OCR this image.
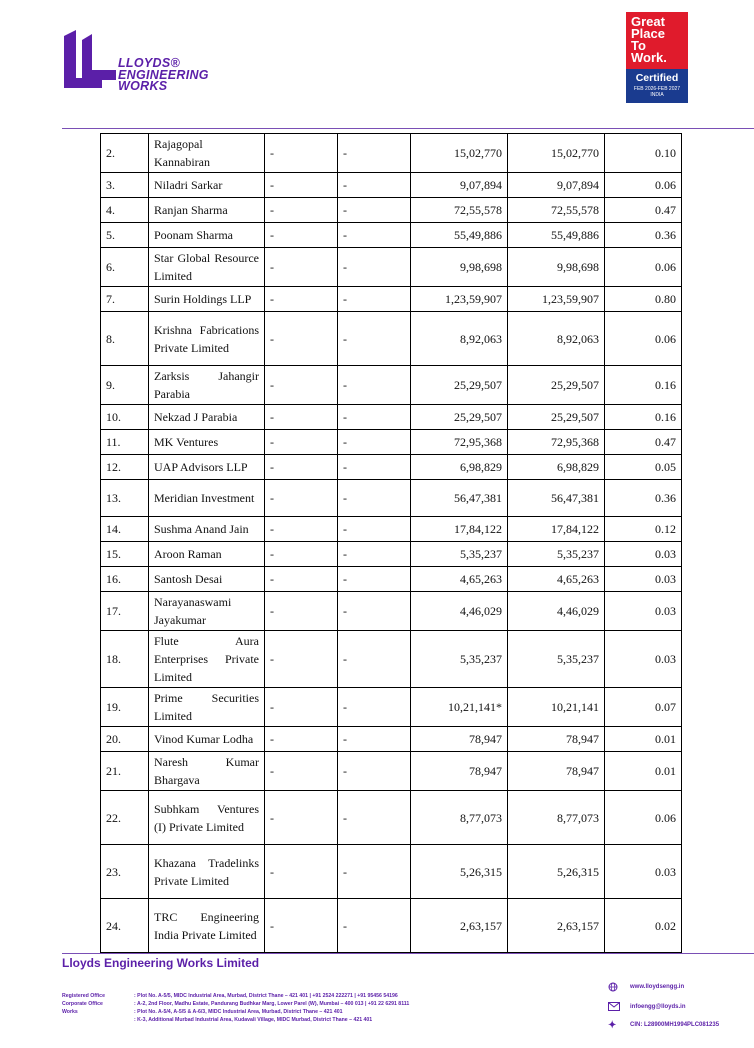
LLOYDS®
ENGINEERING
WORKS
Great
Place
To
Work.
Certified
FEB 2026-FEB 2027
INDIA
2.	Rajagopal Kannabiran	-	-	15,02,770	15,02,770	0.10
3.	Niladri Sarkar	-	-	9,07,894	9,07,894	0.06
4.	Ranjan Sharma	-	-	72,55,578	72,55,578	0.47
5.	Poonam Sharma	-	-	55,49,886	55,49,886	0.36
6.	Star Global Resource Limited	-	-	9,98,698	9,98,698	0.06
7.	Surin Holdings LLP	-	-	1,23,59,907	1,23,59,907	0.80
8.	Krishna Fabrications Private Limited	-	-	8,92,063	8,92,063	0.06
9.	Zarksis Jahangir Parabia	-	-	25,29,507	25,29,507	0.16
10.	Nekzad J Parabia	-	-	25,29,507	25,29,507	0.16
11.	MK Ventures	-	-	72,95,368	72,95,368	0.47
12.	UAP Advisors LLP	-	-	6,98,829	6,98,829	0.05
13.	Meridian Investment	-	-	56,47,381	56,47,381	0.36
14.	Sushma Anand Jain	-	-	17,84,122	17,84,122	0.12
15.	Aroon Raman	-	-	5,35,237	5,35,237	0.03
16.	Santosh Desai	-	-	4,65,263	4,65,263	0.03
17.	Narayanaswami Jayakumar	-	-	4,46,029	4,46,029	0.03
18.	Flute Aura Enterprises Private Limited	-	-	5,35,237	5,35,237	0.03
19.	Prime Securities Limited	-	-	10,21,141*	10,21,141	0.07
20.	Vinod Kumar Lodha	-	-	78,947	78,947	0.01
21.	Naresh Kumar Bhargava	-	-	78,947	78,947	0.01
22.	Subhkam Ventures (I) Private Limited	-	-	8,77,073	8,77,073	0.06
23.	Khazana Tradelinks Private Limited	-	-	5,26,315	5,26,315	0.03
24.	TRC Engineering India Private Limited	-	-	2,63,157	2,63,157	0.02
Lloyds Engineering Works Limited
Registered Office
Corporate Office
Works
: Plot No. A-5/5, MIDC Industrial Area, Murbad, District Thane – 421 401 | +91 2524 222271 | +91 95456 54196
: A-2, 2nd Floor, Madhu Estate, Pandurang Budhkar Marg, Lower Parel (W), Mumbai – 400 013 | +91 22 6291 8111
: Plot No. A-5/4, A-5/5 & A-6/3, MIDC Industrial Area, Murbad, District Thane – 421 401
: K-3, Additional Murbad Industrial Area, Kudavali Village, MIDC Murbad, District Thane – 421 401
www.lloydsengg.in
infoengg@lloyds.in
✦	CIN: L28900MH1994PLC081235
